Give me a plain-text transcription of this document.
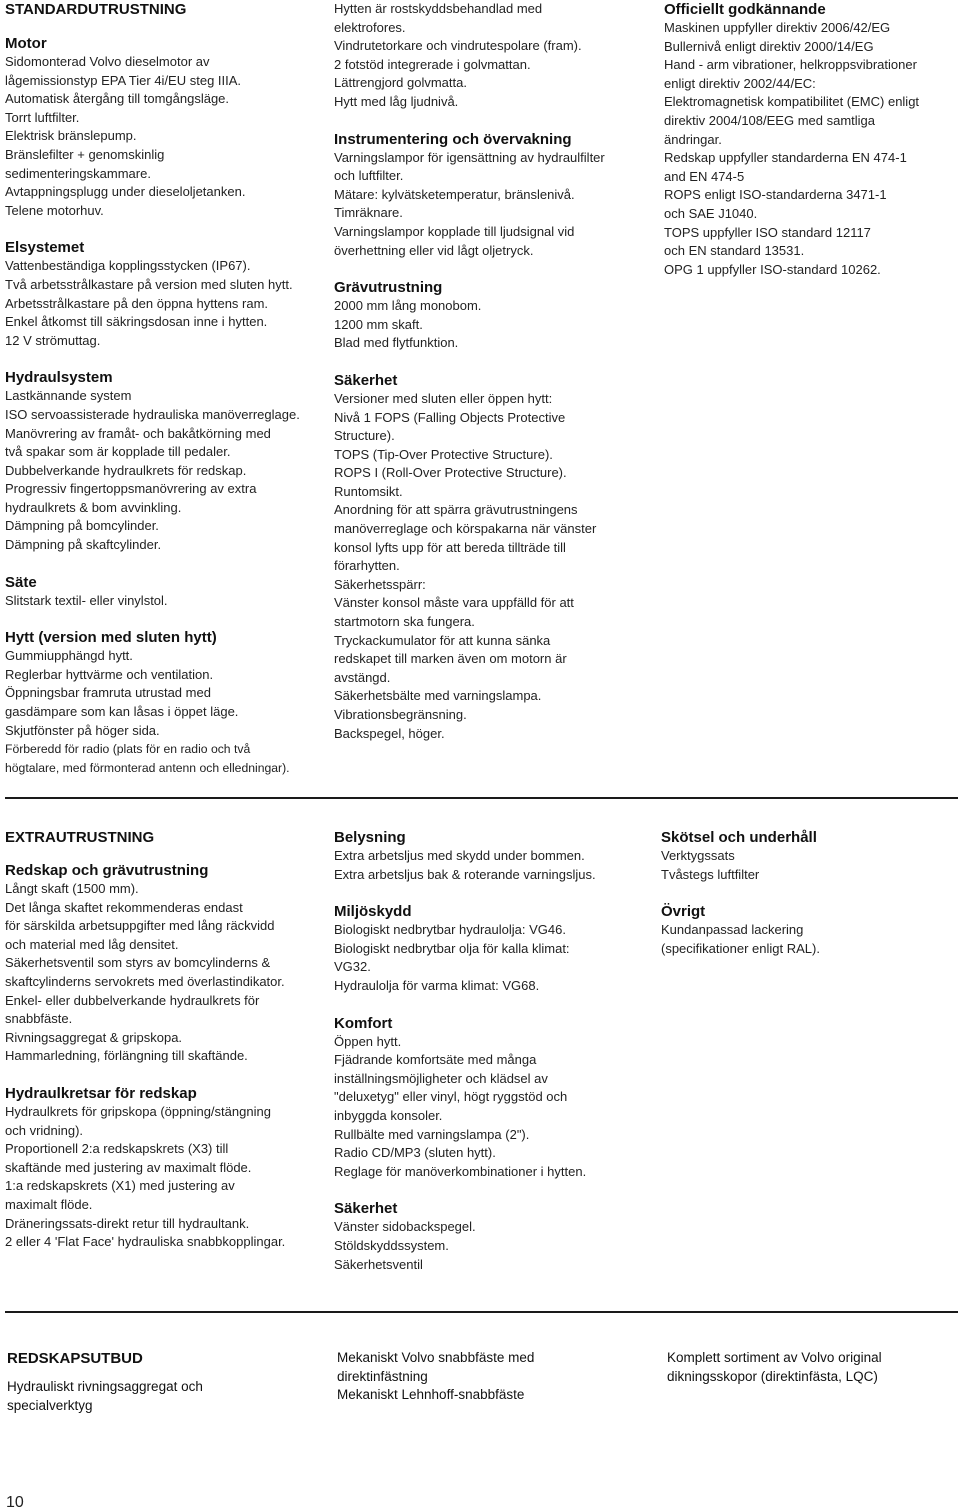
STANDARDUTRUSTNING

Motor

Sidomonterad Volvo dieselmotor av

lågemissionstyp EPA Tier 4i/EU steg IIIA.

Automatisk återgång till tomgångsläge.

Torrt luftfilter.

Elektrisk bränslepump.

Bränslefilter + genomskinlig

sedimenteringskammare.

Avtappningsplugg under dieseloljetanken.

Telene motorhuv.

Elsystemet

Vattenbeständiga kopplingsstycken (IP67).

Två arbetsstrålkastare på version med sluten hytt.

Arbetsstrålkastare på den öppna hyttens ram.

Enkel åtkomst till säkringsdosan inne i hytten.

12 V strömuttag.

Hydraulsystem

Lastkännande system

ISO servoassisterade hydrauliska manöverreglage.

Manövrering av framåt- och bakåtkörning med

två spakar som är kopplade till pedaler.

Dubbelverkande hydraulkrets för redskap.

Progressiv fingertoppsmanövrering av extra

hydraulkrets & bom avvinkling.

Dämpning på bomcylinder.

Dämpning på skaftcylinder.

Säte

Slitstark textil- eller vinylstol.

Hytt (version med sluten hytt)

Gummiupphängd hytt.

Reglerbar hyttvärme och ventilation.

Öppningsbar framruta utrustad med

gasdämpare som kan låsas i öppet läge.

Skjutfönster på höger sida.

Förberedd för radio (plats för en radio och två

högtalare, med förmonterad antenn och elledningar).

Hytten är rostskyddsbehandlad med

elektrofores.

Vindrutetorkare och vindrutespolare (fram).

2 fotstöd integrerade i golvmattan.

Lättrengjord golvmatta.

Hytt med låg ljudnivå.

Instrumentering och övervakning

Varningslampor för igensättning av hydraulfilter

och luftfilter.

Mätare: kylvätsketemperatur, bränslenivå.

Timräknare.

Varningslampor kopplade till ljudsignal vid

överhettning eller vid lågt oljetryck.

Grävutrustning

2000 mm lång monobom.

1200 mm skaft.

Blad med flytfunktion.

Säkerhet

Versioner med sluten eller öppen hytt:

Nivå 1 FOPS (Falling Objects Protective

Structure).

TOPS (Tip-Over Protective Structure).

ROPS I (Roll-Over Protective Structure).

Runtomsikt.

Anordning för att spärra grävutrustningens

manöverreglage och körspakarna när vänster

konsol lyfts upp för att bereda tillträde till

förarhytten.

Säkerhetsspärr:

Vänster konsol måste vara uppfälld för att

startmotorn ska fungera.

Tryckackumulator för att kunna sänka

redskapet till marken även om motorn är

avstängd.

Säkerhetsbälte med varningslampa.

Vibrationsbegränsning.

Backspegel, höger.

Officiellt godkännande

Maskinen uppfyller direktiv 2006/42/EG

Bullernivå enligt direktiv 2000/14/EG

Hand - arm vibrationer, helkroppsvibrationer

enligt direktiv 2002/44/EC:

Elektromagnetisk kompatibilitet (EMC) enligt

direktiv 2004/108/EEG med samtliga

ändringar.

Redskap uppfyller standarderna EN 474-1

and EN 474-5

ROPS enligt ISO-standarderna 3471-1

och SAE J1040.

TOPS uppfyller ISO standard 12117

och EN standard 13531.

OPG 1 uppfyller ISO-standard 10262.

EXTRAUTRUSTNING

Redskap och grävutrustning

Långt skaft (1500 mm).

Det långa skaftet rekommenderas endast

för särskilda arbetsuppgifter med lång räckvidd

och material med låg densitet.

Säkerhetsventil som styrs av bomcylinderns &

skaftcylinderns servokrets med överlastindikator.

Enkel- eller dubbelverkande hydraulkrets för

snabbfäste.

Rivningsaggregat & gripskopa.

Hammarledning, förlängning till skaftände.

Hydraulkretsar för redskap

Hydraulkrets för gripskopa (öppning/stängning

och vridning).

Proportionell 2:a redskapskrets (X3) till

skaftände med justering av maximalt flöde.

1:a redskapskrets (X1) med justering av

maximalt flöde.

Dräneringssats-direkt retur till hydraultank.

2 eller 4 'Flat Face' hydrauliska snabbkopplingar.

Belysning

Extra arbetsljus med skydd under bommen.

Extra arbetsljus bak & roterande varningsljus.

Miljöskydd

Biologiskt nedbrytbar hydraulolja: VG46.

Biologiskt nedbrytbar olja för kalla klimat:

VG32.

Hydraulolja för varma klimat: VG68.

Komfort

Öppen hytt.

Fjädrande komfortsäte med många

inställningsmöjligheter och klädsel av

"deluxetyg" eller vinyl, högt ryggstöd och

inbyggda konsoler.

Rullbälte med varningslampa (2").

Radio CD/MP3 (sluten hytt).

Reglage för manöverkombinationer i hytten.

Säkerhet

Vänster sidobackspegel.

Stöldskyddssystem.

Säkerhetsventil

Skötsel och underhåll

Verktygssats

Tvåstegs luftfilter

Övrigt

Kundanpassad lackering

(specifikationer enligt RAL).

REDSKAPSUTBUD

Hydrauliskt rivningsaggregat och

specialverktyg

Mekaniskt Volvo snabbfäste med

direktinfästning

Mekaniskt Lehnhoff-snabbfäste

Komplett sortiment av Volvo original

dikningsskopor (direktinfästa, LQC)

10
